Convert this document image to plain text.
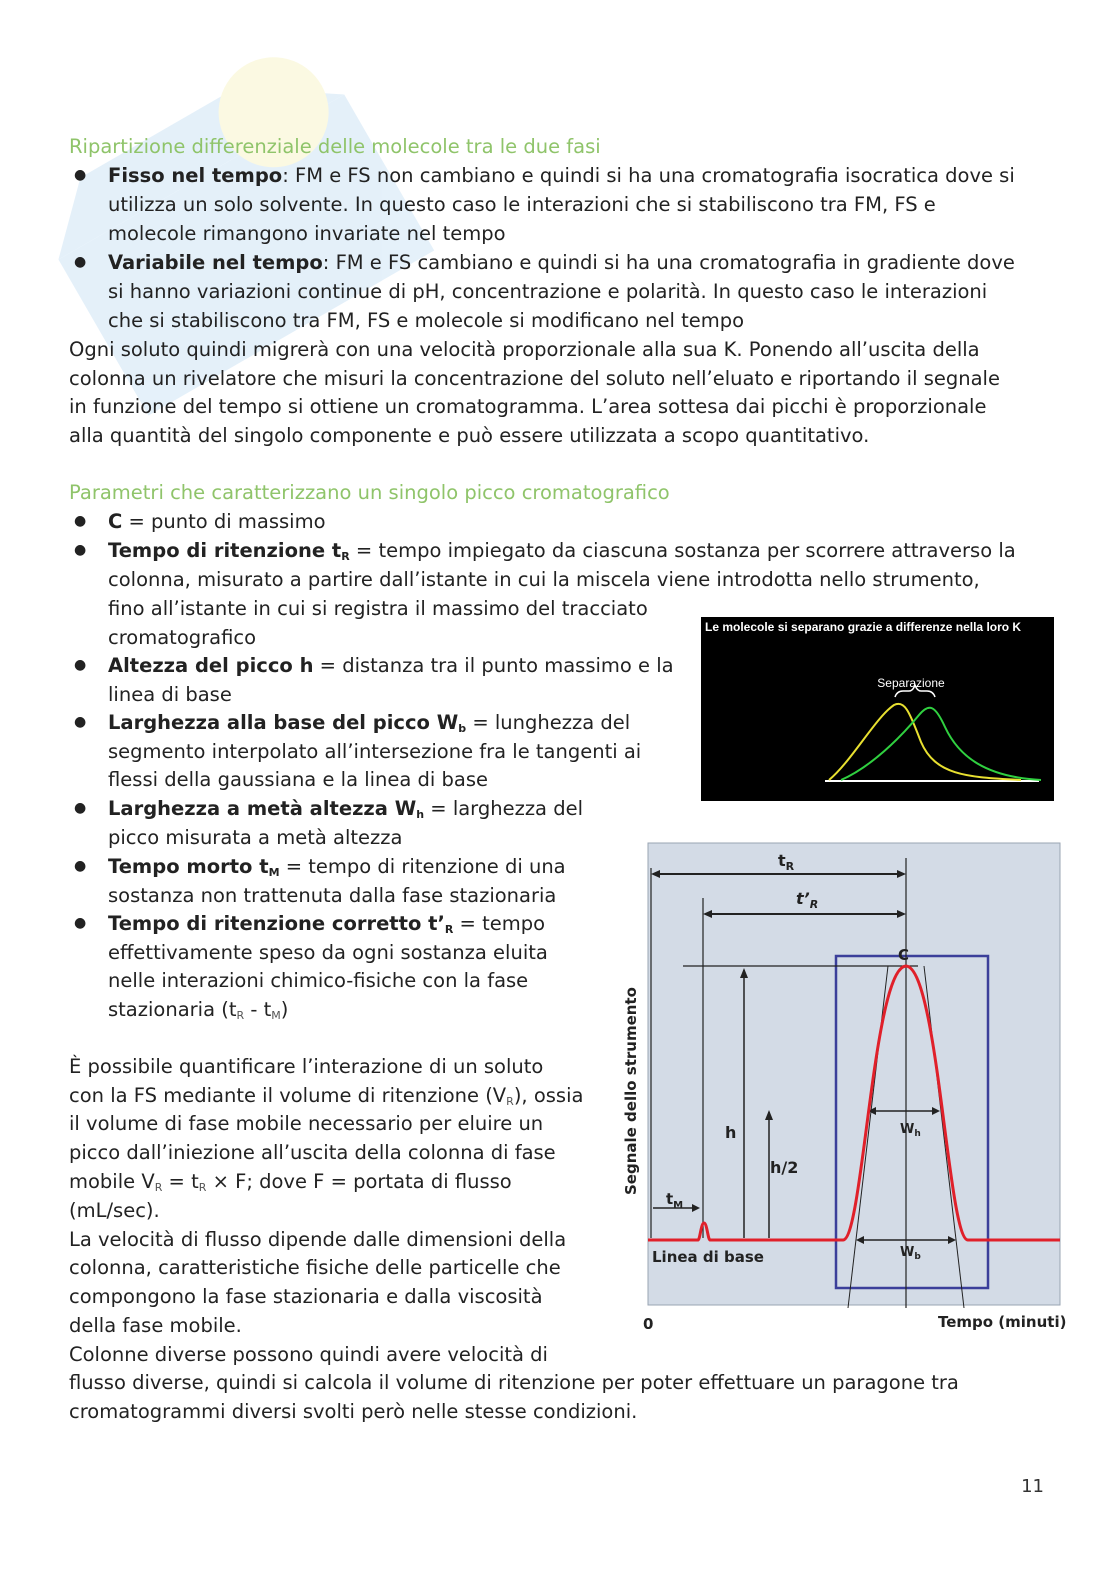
Ripartizione differenziale delle molecole tra le due fasi
● Fisso nel tempo: FM e FS non cambiano e quindi si ha una cromatografia isocratica dove si
utilizza un solo solvente. In questo caso le interazioni che si stabiliscono tra FM, FS e
molecole rimangono invariate nel tempo
● Variabile nel tempo: FM e FS cambiano e quindi si ha una cromatografia in gradiente dove
si hanno variazioni continue di pH, concentrazione e polarità. In questo caso le interazioni
che si stabiliscono tra FM, FS e molecole si modificano nel tempo
Ogni soluto quindi migrerà con una velocità proporzionale alla sua K. Ponendo all’uscita della
colonna un rivelatore che misuri la concentrazione del soluto nell’eluato e riportando il segnale
in funzione del tempo si ottiene un cromatogramma. L’area sottesa dai picchi è proporzionale
alla quantità del singolo componente e può essere utilizzata a scopo quantitativo.
Parametri che caratterizzano un singolo picco cromatografico
● C = punto di massimo
● Tempo di ritenzione $t_R$ = tempo impiegato da ciascuna sostanza per scorrere attraverso la
colonna, misurato a partire dall’istante in cui la miscela viene introdotta nello strumento,
fino all’istante in cui si registra il massimo del tracciato
cromatografico
● Altezza del picco h = distanza tra il punto massimo e la
linea di base
● Larghezza alla base del picco $W_b$ = lunghezza del
segmento interpolato all’intersezione fra le tangenti ai
flessi della gaussiana e la linea di base
● Larghezza a metà altezza $W_h$ = larghezza del
picco misurata a metà altezza
● Tempo morto $t_M$ = tempo di ritenzione di una
sostanza non trattenuta dalla fase stazionaria
● Tempo di ritenzione corretto $t’_R$ = tempo
effettivamente speso da ogni sostanza eluita
nelle interazioni chimico-fisiche con la fase
stazionaria $(t_R - t_M)$
È possibile quantificare l’interazione di un soluto
con la FS mediante il volume di ritenzione $(V_R)$, ossia
il volume di fase mobile necessario per eluire un
picco dall’iniezione all’uscita della colonna di fase
mobile $V_R = t_R \times F$; dove F = portata di flusso
(mL/sec).
La velocità di flusso dipende dalle dimensioni della
colonna, caratteristiche fisiche delle particelle che
compongono la fase stazionaria e dalla viscosità
della fase mobile.
Colonne diverse possono quindi avere velocità di
flusso diverse, quindi si calcola il volume di ritenzione per poter effettuare un paragone tra
cromatogrammi diversi svolti però nelle stesse condizioni.
Le molecole si separano grazie a differenze nella loro K
Separazione
$t_R$
$t’_R$
C
h
h/2
$W_h$
$W_b$
$t_M$
Linea di base
Segnale dello strumento
0	Tempo (minuti)
11
